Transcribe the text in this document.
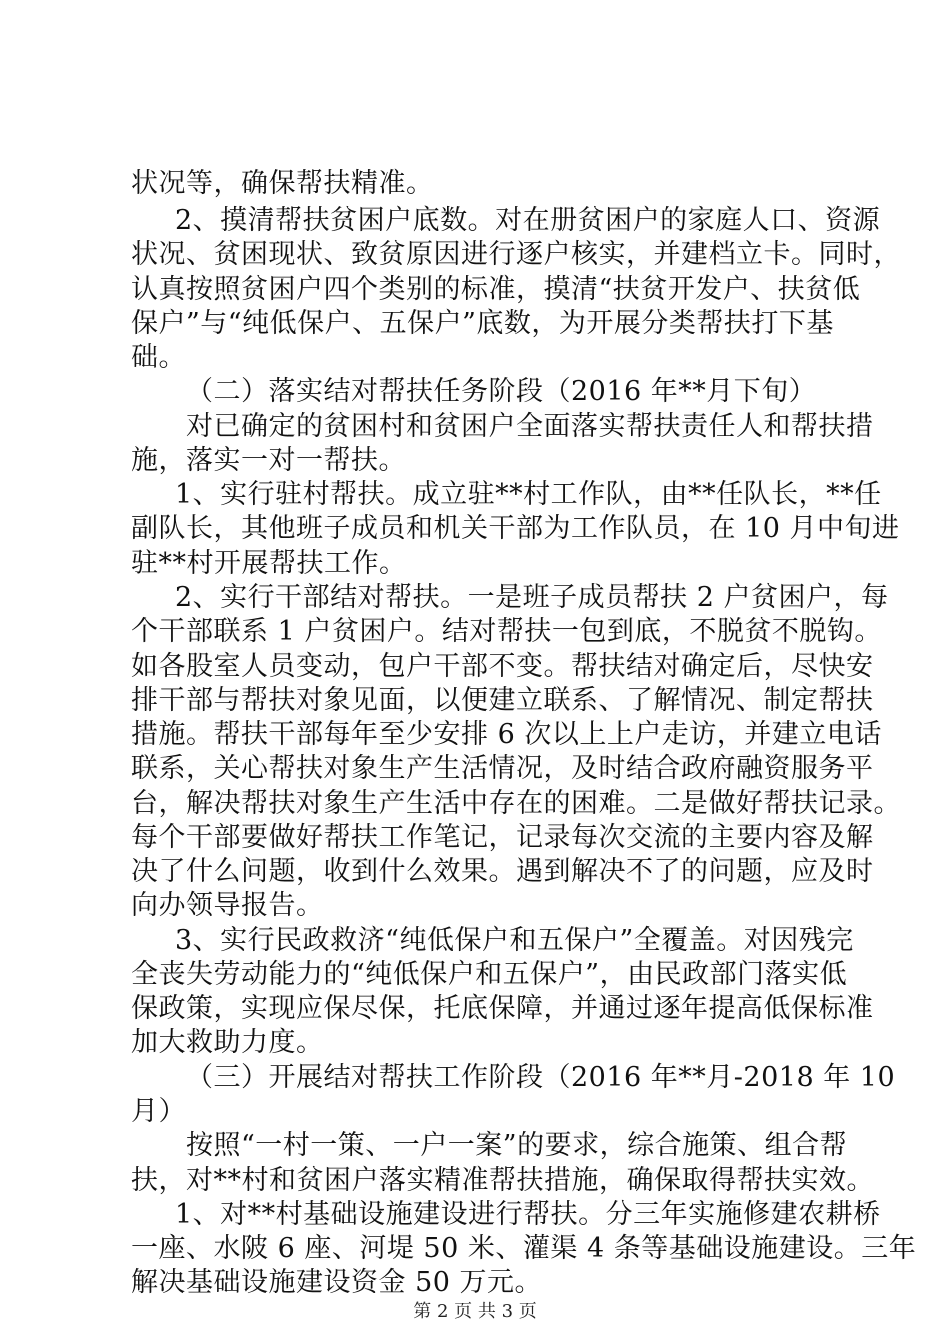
状况等，确保帮扶精准。
2、摸清帮扶贫困户底数。对在册贫困户的家庭人口、资源
状况、贫困现状、致贫原因进行逐户核实，并建档立卡。同时，
认真按照贫困户四个类别的标准，摸清“扶贫开发户、扶贫低
保户”与“纯低保户、五保户”底数，为开展分类帮扶打下基
础。
（二）落实结对帮扶任务阶段（2016 年**月下旬）
对已确定的贫困村和贫困户全面落实帮扶责任人和帮扶措
施，落实一对一帮扶。
1、实行驻村帮扶。成立驻**村工作队，由**任队长，**任
副队长，其他班子成员和机关干部为工作队员，在 10 月中旬进
驻**村开展帮扶工作。
2、实行干部结对帮扶。一是班子成员帮扶 2 户贫困户，每
个干部联系 1 户贫困户。结对帮扶一包到底，不脱贫不脱钩。
如各股室人员变动，包户干部不变。帮扶结对确定后，尽快安
排干部与帮扶对象见面，以便建立联系、了解情况、制定帮扶
措施。帮扶干部每年至少安排 6 次以上上户走访，并建立电话
联系，关心帮扶对象生产生活情况，及时结合政府融资服务平
台，解决帮扶对象生产生活中存在的困难。二是做好帮扶记录。
每个干部要做好帮扶工作笔记，记录每次交流的主要内容及解
决了什么问题，收到什么效果。遇到解决不了的问题，应及时
向办领导报告。
3、实行民政救济“纯低保户和五保户”全覆盖。对因残完
全丧失劳动能力的“纯低保户和五保户”，由民政部门落实低
保政策，实现应保尽保，托底保障，并通过逐年提高低保标准
加大救助力度。
（三）开展结对帮扶工作阶段（2016 年**月-2018 年 10
月）
按照“一村一策、一户一案”的要求，综合施策、组合帮
扶，对**村和贫困户落实精准帮扶措施，确保取得帮扶实效。
1、对**村基础设施建设进行帮扶。分三年实施修建农耕桥
一座、水陂 6 座、河堤 50 米、灌渠 4 条等基础设施建设。三年
解决基础设施建设资金 50 万元。
第 2 页 共 3 页
